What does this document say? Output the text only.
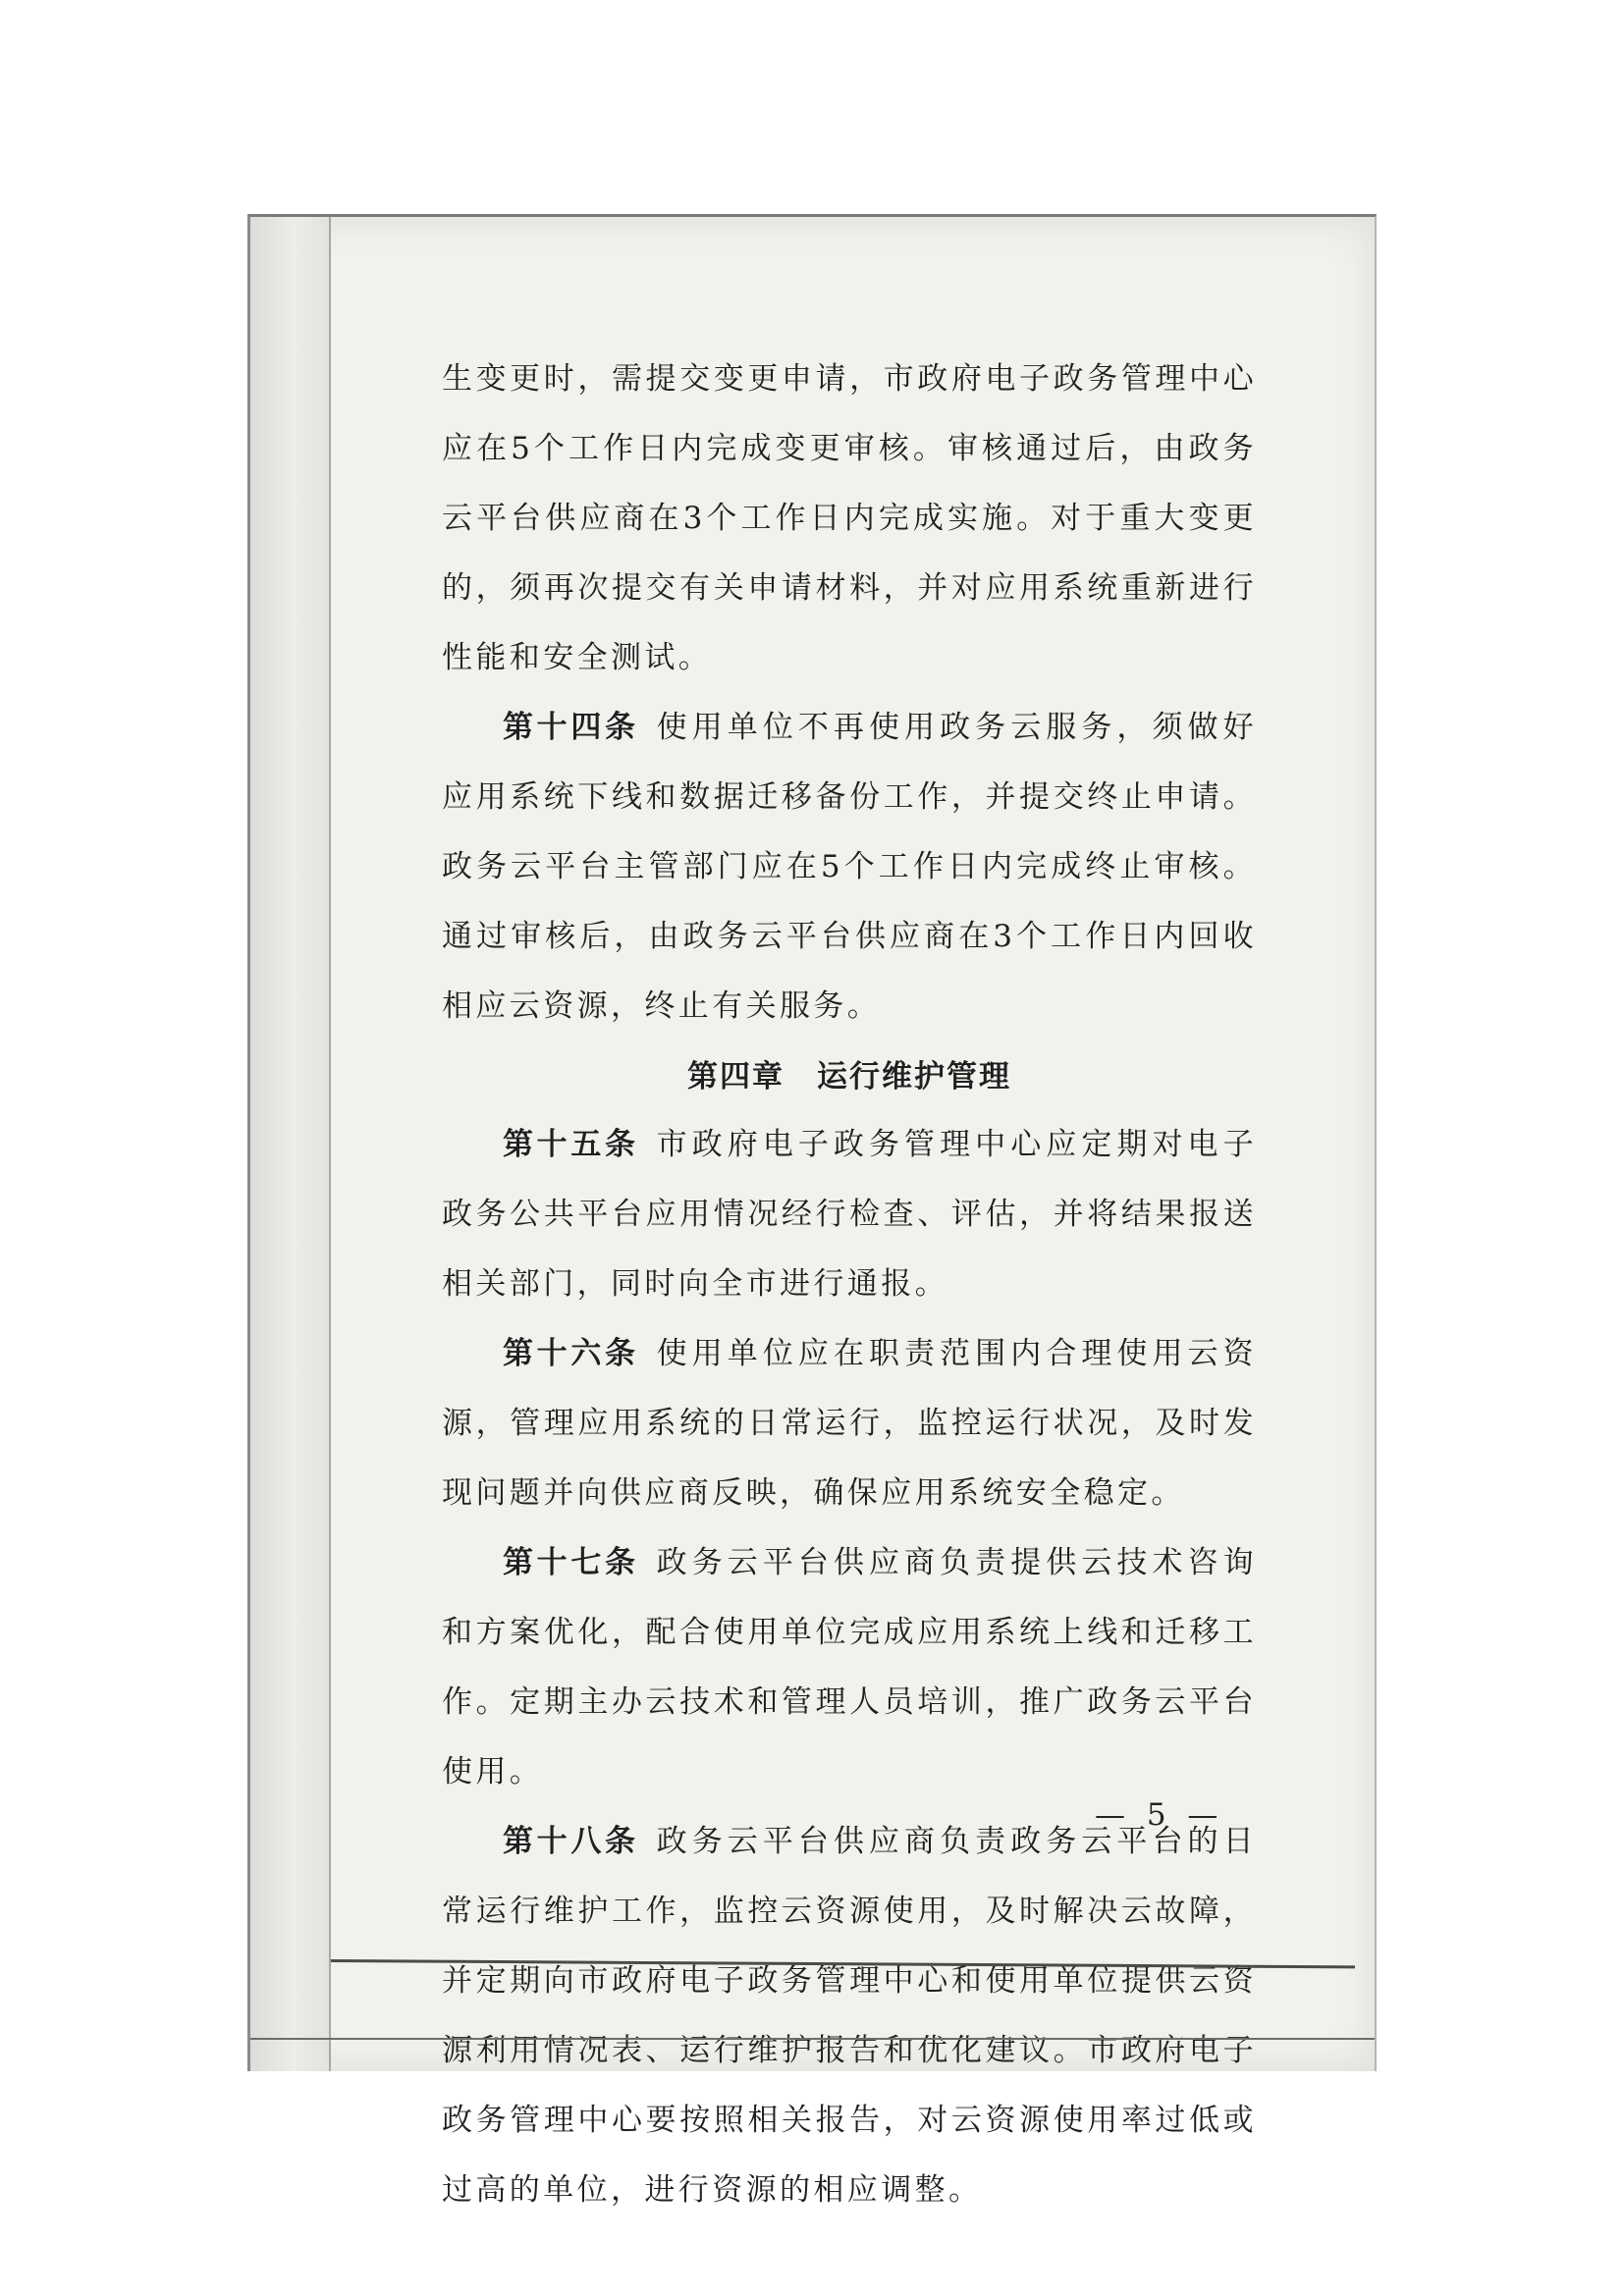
生变更时，需提交变更申请，市政府电子政务管理中心应在5个工作日内完成变更审核。审核通过后，由政务云平台供应商在3个工作日内完成实施。对于重大变更的，须再次提交有关申请材料，并对应用系统重新进行性能和安全测试。

第十四条 使用单位不再使用政务云服务，须做好应用系统下线和数据迁移备份工作，并提交终止申请。政务云平台主管部门应在5个工作日内完成终止审核。通过审核后，由政务云平台供应商在3个工作日内回收相应云资源，终止有关服务。

第四章　运行维护管理

第十五条 市政府电子政务管理中心应定期对电子政务公共平台应用情况经行检查、评估，并将结果报送相关部门，同时向全市进行通报。

第十六条 使用单位应在职责范围内合理使用云资源，管理应用系统的日常运行，监控运行状况，及时发现问题并向供应商反映，确保应用系统安全稳定。

第十七条 政务云平台供应商负责提供云技术咨询和方案优化，配合使用单位完成应用系统上线和迁移工作。定期主办云技术和管理人员培训，推广政务云平台使用。

第十八条 政务云平台供应商负责政务云平台的日常运行维护工作，监控云资源使用，及时解决云故障，并定期向市政府电子政务管理中心和使用单位提供云资源利用情况表、运行维护报告和优化建议。市政府电子政务管理中心要按照相关报告，对云资源使用率过低或过高的单位，进行资源的相应调整。

— 5 —
